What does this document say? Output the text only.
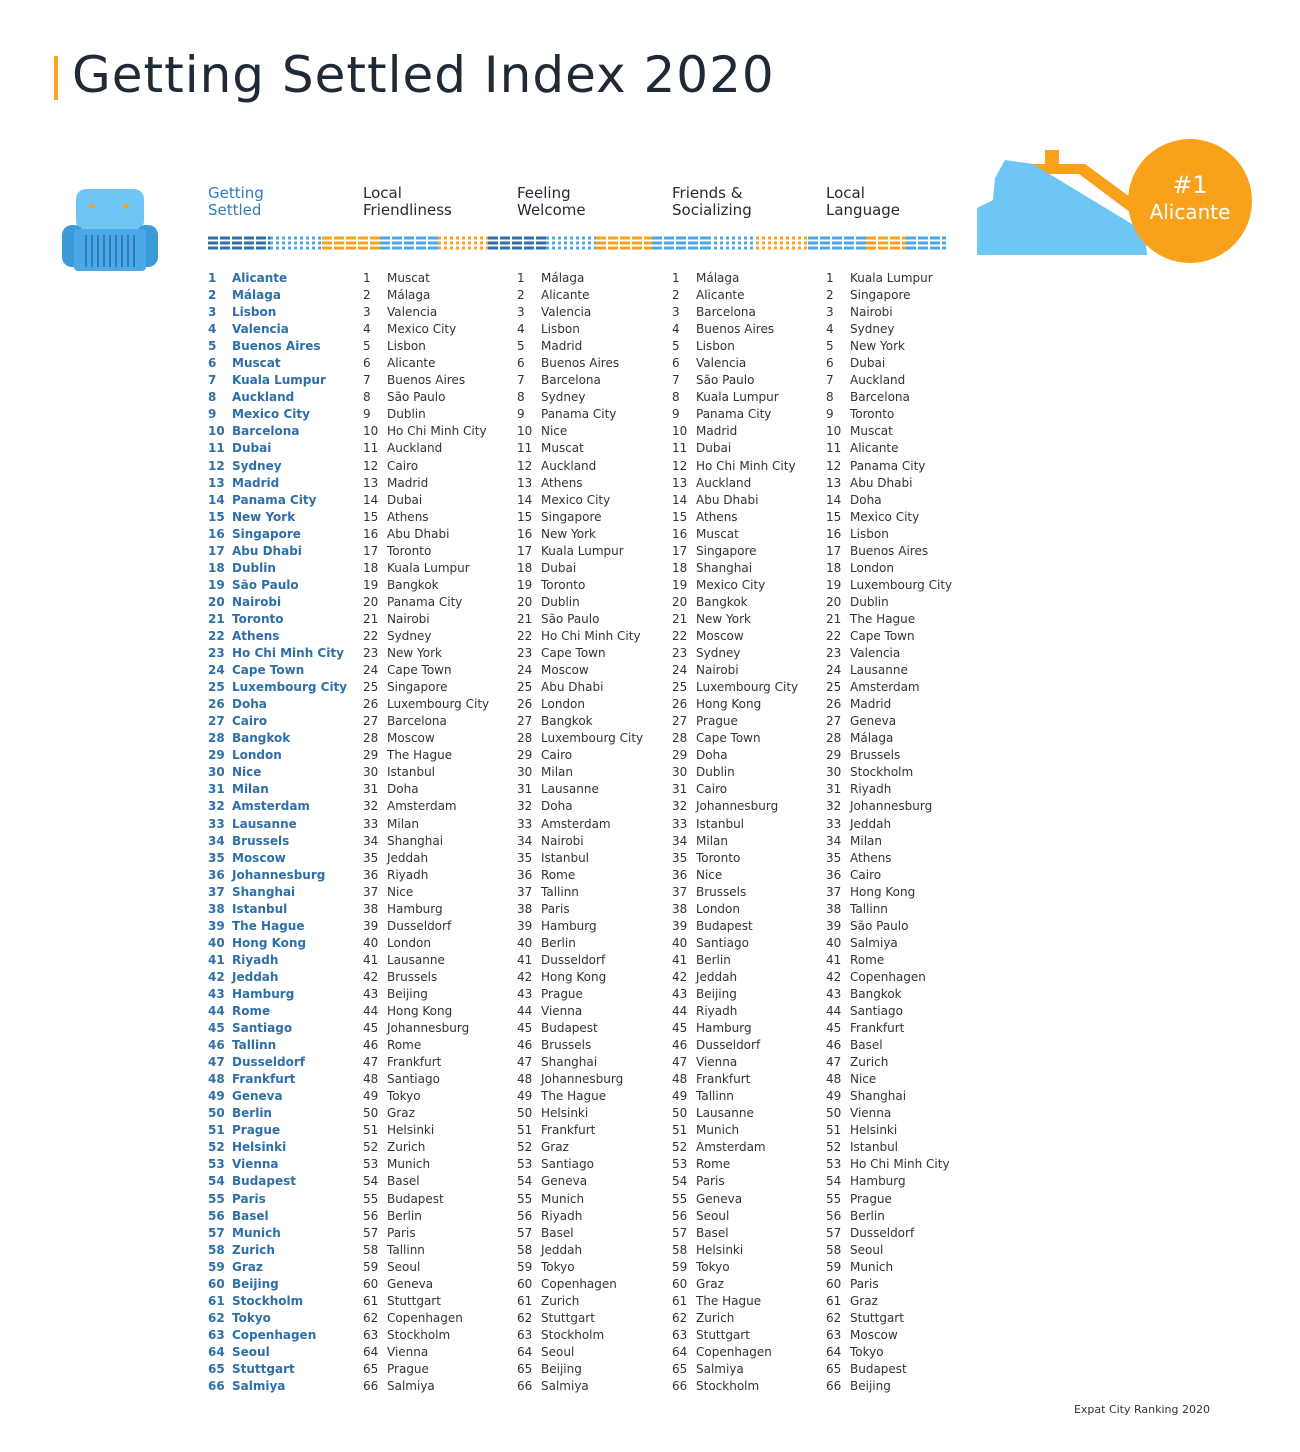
Getting Settled Index 2020
#1
Alicante
Getting
Settled
Local
Friendliness
Feeling
Welcome
Friends &
Socializing
Local
Language
1 Alicante
2 Málaga
3 Lisbon
4 Valencia
5 Buenos Aires
6 Muscat
7 Kuala Lumpur
8 Auckland
9 Mexico City
10 Barcelona
11 Dubai
12 Sydney
13 Madrid
14 Panama City
15 New York
16 Singapore
17 Abu Dhabi
18 Dublin
19 São Paulo
20 Nairobi
21 Toronto
22 Athens
23 Ho Chi Minh City
24 Cape Town
25 Luxembourg City
26 Doha
27 Cairo
28 Bangkok
29 London
30 Nice
31 Milan
32 Amsterdam
33 Lausanne
34 Brussels
35 Moscow
36 Johannesburg
37 Shanghai
38 Istanbul
39 The Hague
40 Hong Kong
41 Riyadh
42 Jeddah
43 Hamburg
44 Rome
45 Santiago
46 Tallinn
47 Dusseldorf
48 Frankfurt
49 Geneva
50 Berlin
51 Prague
52 Helsinki
53 Vienna
54 Budapest
55 Paris
56 Basel
57 Munich
58 Zurich
59 Graz
60 Beijing
61 Stockholm
62 Tokyo
63 Copenhagen
64 Seoul
65 Stuttgart
66 Salmiya
1 Muscat
2 Málaga
3 Valencia
4 Mexico City
5 Lisbon
6 Alicante
7 Buenos Aires
8 São Paulo
9 Dublin
10 Ho Chi Minh City
11 Auckland
12 Cairo
13 Madrid
14 Dubai
15 Athens
16 Abu Dhabi
17 Toronto
18 Kuala Lumpur
19 Bangkok
20 Panama City
21 Nairobi
22 Sydney
23 New York
24 Cape Town
25 Singapore
26 Luxembourg City
27 Barcelona
28 Moscow
29 The Hague
30 Istanbul
31 Doha
32 Amsterdam
33 Milan
34 Shanghai
35 Jeddah
36 Riyadh
37 Nice
38 Hamburg
39 Dusseldorf
40 London
41 Lausanne
42 Brussels
43 Beijing
44 Hong Kong
45 Johannesburg
46 Rome
47 Frankfurt
48 Santiago
49 Tokyo
50 Graz
51 Helsinki
52 Zurich
53 Munich
54 Basel
55 Budapest
56 Berlin
57 Paris
58 Tallinn
59 Seoul
60 Geneva
61 Stuttgart
62 Copenhagen
63 Stockholm
64 Vienna
65 Prague
66 Salmiya
1 Málaga
2 Alicante
3 Valencia
4 Lisbon
5 Madrid
6 Buenos Aires
7 Barcelona
8 Sydney
9 Panama City
10 Nice
11 Muscat
12 Auckland
13 Athens
14 Mexico City
15 Singapore
16 New York
17 Kuala Lumpur
18 Dubai
19 Toronto
20 Dublin
21 São Paulo
22 Ho Chi Minh City
23 Cape Town
24 Moscow
25 Abu Dhabi
26 London
27 Bangkok
28 Luxembourg City
29 Cairo
30 Milan
31 Lausanne
32 Doha
33 Amsterdam
34 Nairobi
35 Istanbul
36 Rome
37 Tallinn
38 Paris
39 Hamburg
40 Berlin
41 Dusseldorf
42 Hong Kong
43 Prague
44 Vienna
45 Budapest
46 Brussels
47 Shanghai
48 Johannesburg
49 The Hague
50 Helsinki
51 Frankfurt
52 Graz
53 Santiago
54 Geneva
55 Munich
56 Riyadh
57 Basel
58 Jeddah
59 Tokyo
60 Copenhagen
61 Zurich
62 Stuttgart
63 Stockholm
64 Seoul
65 Beijing
66 Salmiya
1 Málaga
2 Alicante
3 Barcelona
4 Buenos Aires
5 Lisbon
6 Valencia
7 São Paulo
8 Kuala Lumpur
9 Panama City
10 Madrid
11 Dubai
12 Ho Chi Minh City
13 Auckland
14 Abu Dhabi
15 Athens
16 Muscat
17 Singapore
18 Shanghai
19 Mexico City
20 Bangkok
21 New York
22 Moscow
23 Sydney
24 Nairobi
25 Luxembourg City
26 Hong Kong
27 Prague
28 Cape Town
29 Doha
30 Dublin
31 Cairo
32 Johannesburg
33 Istanbul
34 Milan
35 Toronto
36 Nice
37 Brussels
38 London
39 Budapest
40 Santiago
41 Berlin
42 Jeddah
43 Beijing
44 Riyadh
45 Hamburg
46 Dusseldorf
47 Vienna
48 Frankfurt
49 Tallinn
50 Lausanne
51 Munich
52 Amsterdam
53 Rome
54 Paris
55 Geneva
56 Seoul
57 Basel
58 Helsinki
59 Tokyo
60 Graz
61 The Hague
62 Zurich
63 Stuttgart
64 Copenhagen
65 Salmiya
66 Stockholm
1 Kuala Lumpur
2 Singapore
3 Nairobi
4 Sydney
5 New York
6 Dubai
7 Auckland
8 Barcelona
9 Toronto
10 Muscat
11 Alicante
12 Panama City
13 Abu Dhabi
14 Doha
15 Mexico City
16 Lisbon
17 Buenos Aires
18 London
19 Luxembourg City
20 Dublin
21 The Hague
22 Cape Town
23 Valencia
24 Lausanne
25 Amsterdam
26 Madrid
27 Geneva
28 Málaga
29 Brussels
30 Stockholm
31 Riyadh
32 Johannesburg
33 Jeddah
34 Milan
35 Athens
36 Cairo
37 Hong Kong
38 Tallinn
39 São Paulo
40 Salmiya
41 Rome
42 Copenhagen
43 Bangkok
44 Santiago
45 Frankfurt
46 Basel
47 Zurich
48 Nice
49 Shanghai
50 Vienna
51 Helsinki
52 Istanbul
53 Ho Chi Minh City
54 Hamburg
55 Prague
56 Berlin
57 Dusseldorf
58 Seoul
59 Munich
60 Paris
61 Graz
62 Stuttgart
63 Moscow
64 Tokyo
65 Budapest
66 Beijing
Expat City Ranking 2020
